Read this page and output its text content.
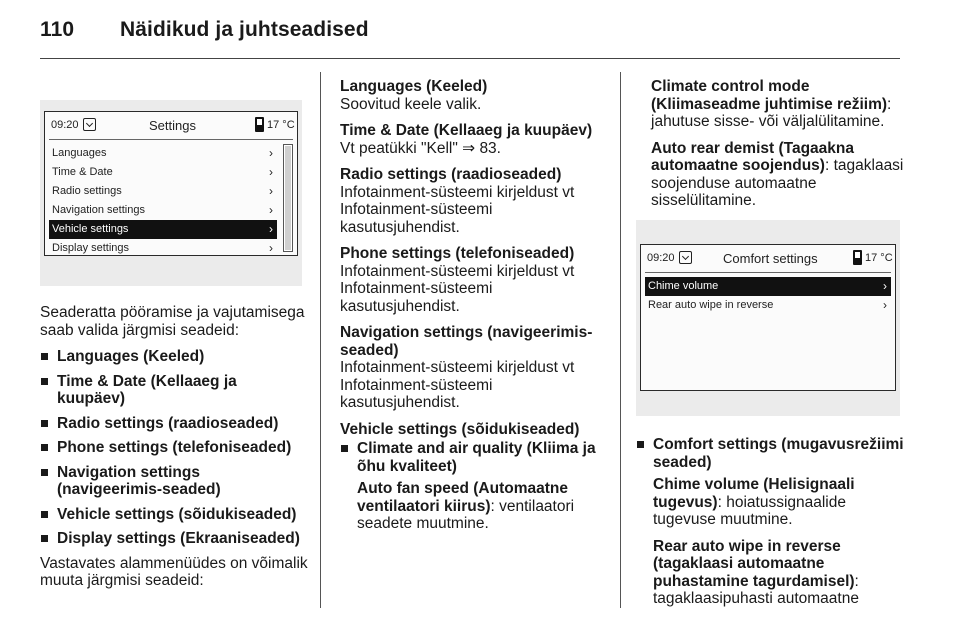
110 Näidikud ja juhtseadised
09:20	Settings	17 °C
Languages	›
Time & Date	›
Radio settings	›
Navigation settings	›
Vehicle settings	›
Display settings	›

Seaderatta pööramise ja vajutamisega saab valida järgmisi seadeid:

Languages (Keeled)
Time & Date (Kellaaeg ja kuupäev)
Radio settings (raadioseaded)
Phone settings (telefoniseaded)
Navigation settings (navigeerimis-seaded)
Vehicle settings (sõidukiseaded)
Display settings (Ekraaniseaded)

Vastavates alammenüüdes on võimalik muuta järgmisi seadeid:

Languages (Keeled)
Soovitud keele valik.

Time & Date (Kellaaeg ja kuupäev)
Vt peatükki "Kell" ⇒ 83.

Radio settings (raadioseaded)
Infotainment-süsteemi kirjeldust vt Infotainment-süsteemi kasutusjuhendist.

Phone settings (telefoniseaded)
Infotainment-süsteemi kirjeldust vt Infotainment-süsteemi kasutusjuhendist.

Navigation settings (navigeerimis-seaded)
Infotainment-süsteemi kirjeldust vt Infotainment-süsteemi kasutusjuhendist.

Vehicle settings (sõidukiseaded)

Climate and air quality (Kliima ja õhu kvaliteet)

Auto fan speed (Automaatne ventilaatori kiirus): ventilaatori seadete muutmine.

Climate control mode (Kliimaseadme juhtimise režiim): jahutuse sisse- või väljalülitamine.

Auto rear demist (Tagaakna automaatne soojendus): tagaklaasi soojenduse automaatne sisselülitamine.

09:20	Comfort settings	17 °C
Chime volume	›
Rear auto wipe in reverse	›
Comfort settings (mugavusrežiimi seaded)

Chime volume (Helisignaali tugevus): hoiatussignaalide tugevuse muutmine.

Rear auto wipe in reverse (tagaklaasi automaatne puhastamine tagurdamisel): tagaklaasipuhasti automaatne
